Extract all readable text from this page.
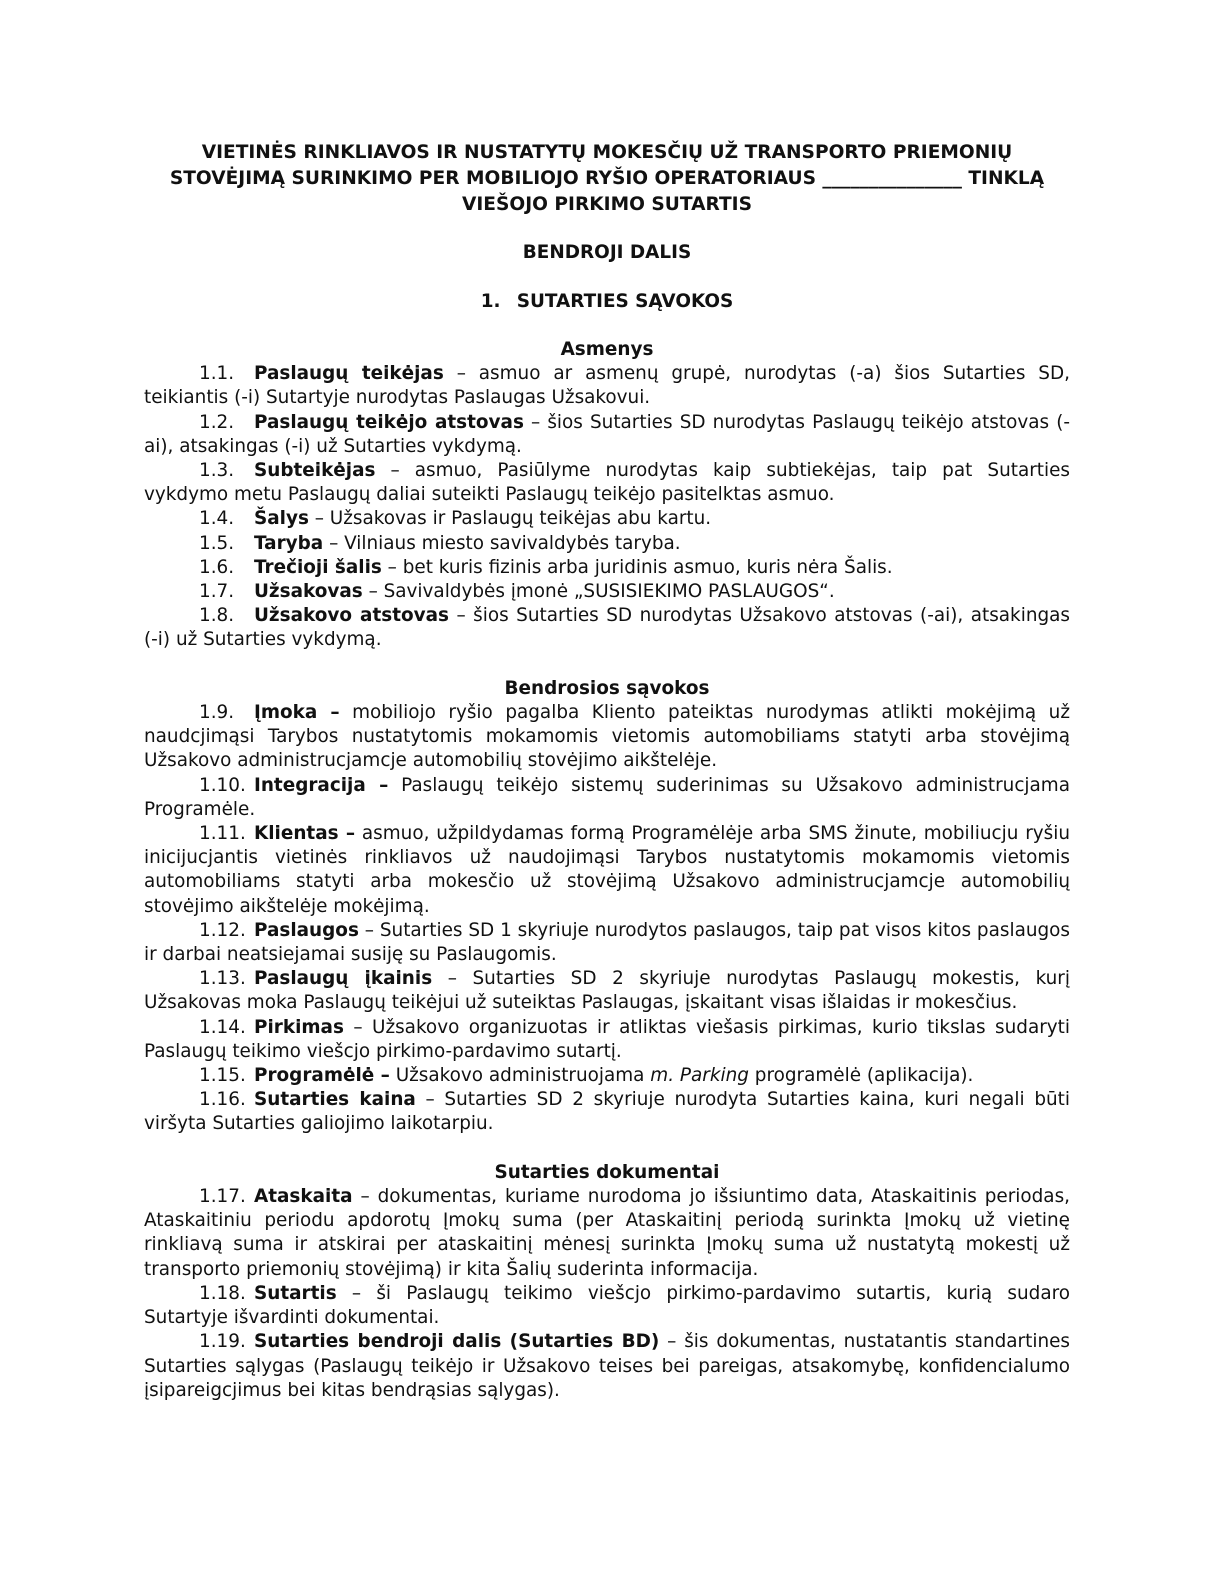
VIETINĖS RINKLIAVOS IR NUSTATYTŲ MOKESČIŲ UŽ TRANSPORTO PRIEMONIŲ
STOVĖJIMĄ SURINKIMO PER MOBILIOJO RYŠIO OPERATORIAUS _______________ TINKLĄ
VIEŠOJO PIRKIMO SUTARTIS

BENDROJI DALIS

1. SUTARTIES SĄVOKOS

Asmenys

1.1. Paslaugų teikėjas – asmuo ar asmenų grupė, nurodytas (-a) šios Sutarties SD, teikiantis (-i) Sutartyje nurodytas Paslaugas Užsakovui.

1.2. Paslaugų teikėjo atstovas – šios Sutarties SD nurodytas Paslaugų teikėjo atstovas (-ai), atsakingas (-i) už Sutarties vykdymą.

1.3. Subteikėjas – asmuo, Pasiūlyme nurodytas kaip subtiekėjas, taip pat Sutarties vykdymo metu Paslaugų daliai suteikti Paslaugų teikėjo pasitelktas asmuo.

1.4. Šalys – Užsakovas ir Paslaugų teikėjas abu kartu.

1.5. Taryba – Vilniaus miesto savivaldybės taryba.

1.6. Trečioji šalis – bet kuris fizinis arba juridinis asmuo, kuris nėra Šalis.

1.7. Užsakovas – Savivaldybės įmonė „SUSISIEKIMO PASLAUGOS“.

1.8. Užsakovo atstovas – šios Sutarties SD nurodytas Užsakovo atstovas (-ai), atsakingas (-i) už Sutarties vykdymą.

Bendrosios sąvokos

1.9. Įmoka – mobiliojo ryšio pagalba Kliento pateiktas nurodymas atlikti mokėjimą už naudcjimąsi Tarybos nustatytomis mokamomis vietomis automobiliams statyti arba stovėjimą Užsakovo administrucjamcje automobilių stovėjimo aikštelėje.

1.10. Integracija – Paslaugų teikėjo sistemų suderinimas su Užsakovo administrucjama Programėle.

1.11. Klientas – asmuo, užpildydamas formą Programėlėje arba SMS žinute, mobiliucju ryšiu inicijucjantis vietinės rinkliavos už naudojimąsi Tarybos nustatytomis mokamomis vietomis automobiliams statyti arba mokesčio už stovėjimą Užsakovo administrucjamcje automobilių stovėjimo aikštelėje mokėjimą.

1.12. Paslaugos – Sutarties SD 1 skyriuje nurodytos paslaugos, taip pat visos kitos paslaugos ir darbai neatsiejamai susiję su Paslaugomis.

1.13. Paslaugų įkainis – Sutarties SD 2 skyriuje nurodytas Paslaugų mokestis, kurį Užsakovas moka Paslaugų teikėjui už suteiktas Paslaugas, įskaitant visas išlaidas ir mokesčius.

1.14. Pirkimas – Užsakovo organizuotas ir atliktas viešasis pirkimas, kurio tikslas sudaryti Paslaugų teikimo viešcjo pirkimo-pardavimo sutartį.

1.15. Programėlė – Užsakovo administruojama m. Parking programėlė (aplikacija).

1.16. Sutarties kaina – Sutarties SD 2 skyriuje nurodyta Sutarties kaina, kuri negali būti viršyta Sutarties galiojimo laikotarpiu.

Sutarties dokumentai

1.17. Ataskaita – dokumentas, kuriame nurodoma jo išsiuntimo data, Ataskaitinis periodas, Ataskaitiniu periodu apdorotų Įmokų suma (per Ataskaitinį periodą surinkta Įmokų už vietinę rinkliavą suma ir atskirai per ataskaitinį mėnesį surinkta Įmokų suma už nustatytą mokestį už transporto priemonių stovėjimą) ir kita Šalių suderinta informacija.

1.18. Sutartis – ši Paslaugų teikimo viešcjo pirkimo-pardavimo sutartis, kurią sudaro Sutartyje išvardinti dokumentai.

1.19. Sutarties bendroji dalis (Sutarties BD) – šis dokumentas, nustatantis standartines Sutarties sąlygas (Paslaugų teikėjo ir Užsakovo teises bei pareigas, atsakomybę, konfidencialumo įsipareigcjimus bei kitas bendrąsias sąlygas).
